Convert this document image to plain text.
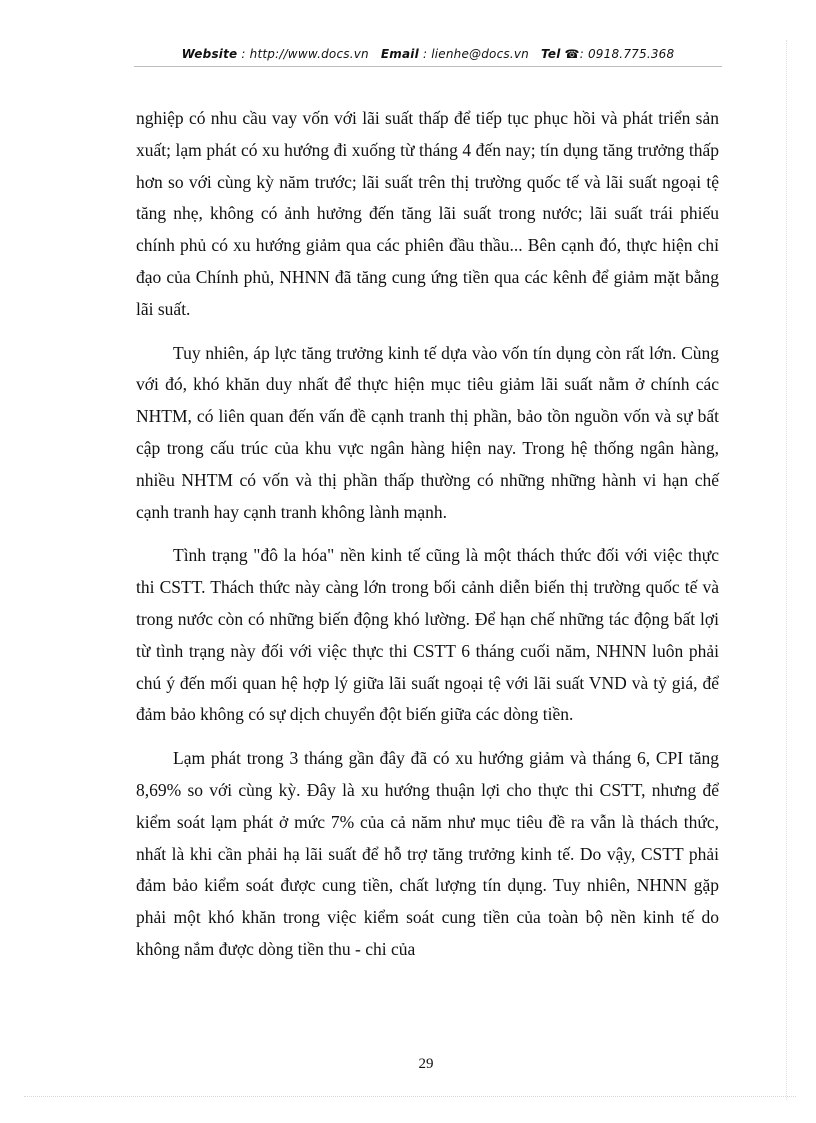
Website : http://www.docs.vn Email : lienhe@docs.vn Tel ☎: 0918.775.368

nghiệp có nhu cầu vay vốn với lãi suất thấp để tiếp tục phục hồi và phát triển sản xuất; lạm phát có xu hướng đi xuống từ tháng 4 đến nay; tín dụng tăng trưởng thấp hơn so với cùng kỳ năm trước; lãi suất trên thị trường quốc tế và lãi suất ngoại tệ tăng nhẹ, không có ảnh hưởng đến tăng lãi suất trong nước; lãi suất trái phiếu chính phủ có xu hướng giảm qua các phiên đầu thầu... Bên cạnh đó, thực hiện chỉ đạo của Chính phủ, NHNN đã tăng cung ứng tiền qua các kênh để giảm mặt bằng lãi suất.

Tuy nhiên, áp lực tăng trưởng kinh tế dựa vào vốn tín dụng còn rất lớn. Cùng với đó, khó khăn duy nhất để thực hiện mục tiêu giảm lãi suất nằm ở chính các NHTM, có liên quan đến vấn đề cạnh tranh thị phần, bảo tồn nguồn vốn và sự bất cập trong cấu trúc của khu vực ngân hàng hiện nay. Trong hệ thống ngân hàng, nhiều NHTM có vốn và thị phần thấp thường có những những hành vi hạn chế cạnh tranh hay cạnh tranh không lành mạnh.

Tình trạng "đô la hóa" nền kinh tế cũng là một thách thức đối với việc thực thi CSTT. Thách thức này càng lớn trong bối cảnh diễn biến thị trường quốc tế và trong nước còn có những biến động khó lường. Để hạn chế những tác động bất lợi từ tình trạng này đối với việc thực thi CSTT 6 tháng cuối năm, NHNN luôn phải chú ý đến mối quan hệ hợp lý giữa lãi suất ngoại tệ với lãi suất VND và tỷ giá, để đảm bảo không có sự dịch chuyển đột biến giữa các dòng tiền.

Lạm phát trong 3 tháng gần đây đã có xu hướng giảm và tháng 6, CPI tăng 8,69% so với cùng kỳ. Đây là xu hướng thuận lợi cho thực thi CSTT, nhưng để kiểm soát lạm phát ở mức 7% của cả năm như mục tiêu đề ra vẫn là thách thức, nhất là khi cần phải hạ lãi suất để hỗ trợ tăng trưởng kinh tế. Do vậy, CSTT phải đảm bảo kiểm soát được cung tiền, chất lượng tín dụng. Tuy nhiên, NHNN gặp phải một khó khăn trong việc kiểm soát cung tiền của toàn bộ nền kinh tế do không nắm được dòng tiền thu - chi của

29
